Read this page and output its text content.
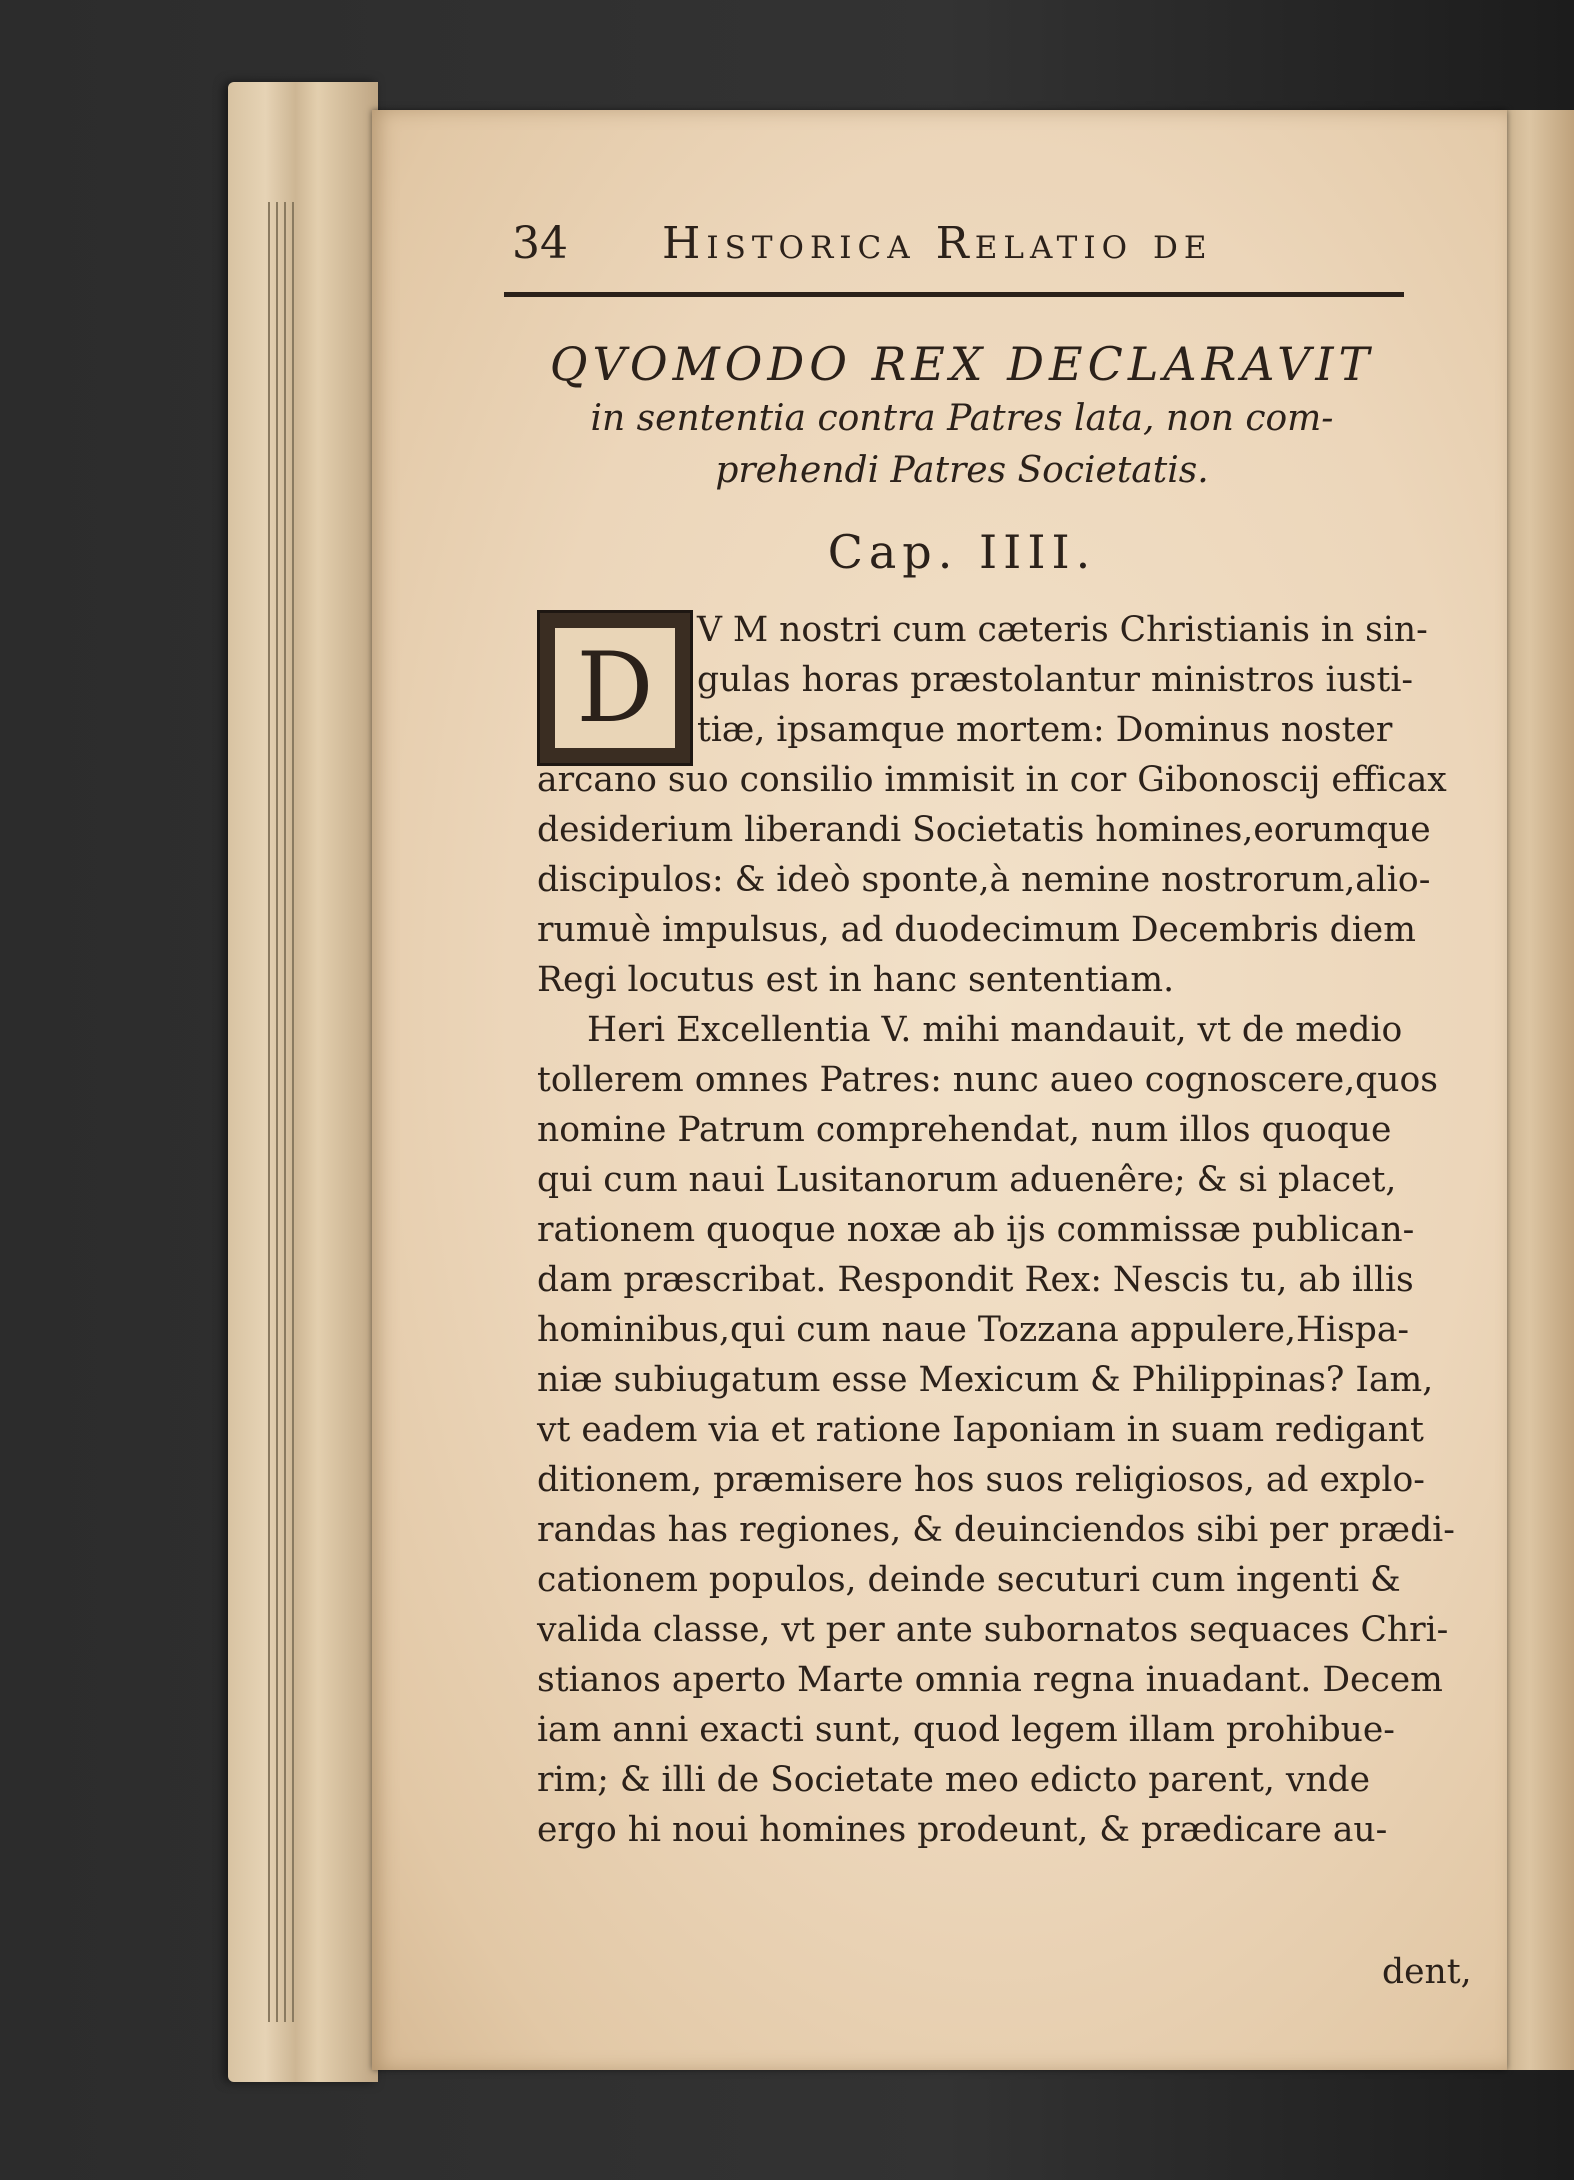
34 Historica Relatio de
QVOMODO REX DECLARAVIT
in sententia contra Patres lata, non com-
prehendi Patres Societatis.
Cap. IIII.
D
V M nostri cum cæteris Christianis in sin-
gulas horas præstolantur ministros iusti-
tiæ, ipsamque mortem: Dominus noster
arcano suo consilio immisit in cor Gibonoscij efficax
desiderium liberandi Societatis homines,eorumque
discipulos: & ideò sponte,à nemine nostrorum,alio-
rumuè impulsus, ad duodecimum Decembris diem
Regi locutus est in hanc sententiam.
Heri Excellentia V. mihi mandauit, vt de medio
tollerem omnes Patres: nunc aueo cognoscere,quos
nomine Patrum comprehendat, num illos quoque
qui cum naui Lusitanorum aduenêre; & si placet,
rationem quoque noxæ ab ijs commissæ publican-
dam præscribat. Respondit Rex: Nescis tu, ab illis
hominibus,qui cum naue Tozzana appulere,Hispa-
niæ subiugatum esse Mexicum & Philippinas? Iam,
vt eadem via et ratione Iaponiam in suam redigant
ditionem, præmisere hos suos religiosos, ad explo-
randas has regiones, & deuinciendos sibi per prædi-
cationem populos, deinde secuturi cum ingenti &
valida classe, vt per ante subornatos sequaces Chri-
stianos aperto Marte omnia regna inuadant. Decem
iam anni exacti sunt, quod legem illam prohibue-
rim; & illi de Societate meo edicto parent, vnde
ergo hi noui homines prodeunt, & prædicare au-
dent,
